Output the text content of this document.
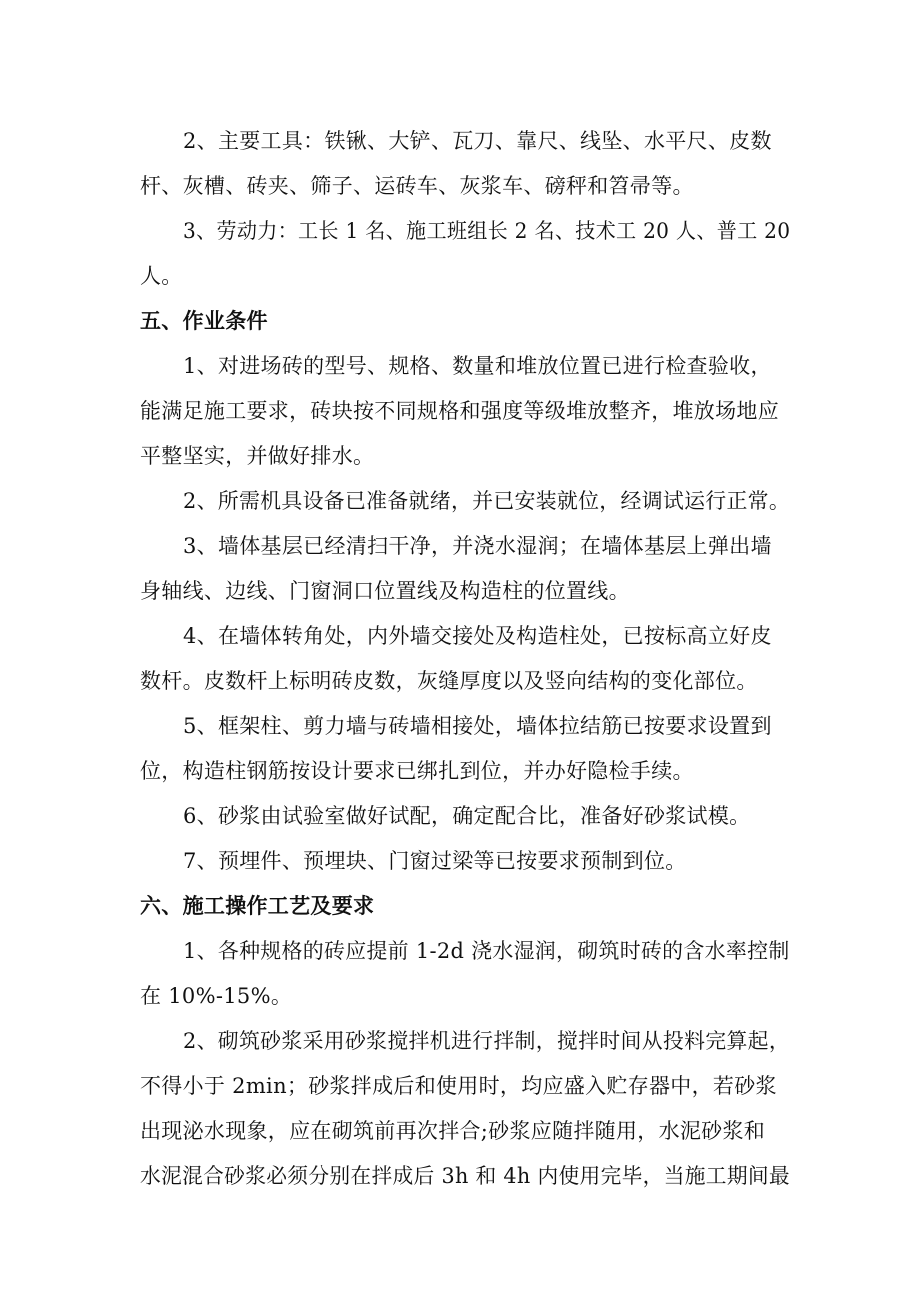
2、主要工具：铁锹、大铲、瓦刀、靠尺、线坠、水平尺、皮数
杆、灰槽、砖夹、筛子、运砖车、灰浆车、磅秤和笤帚等。
3、劳动力：工长 1 名、施工班组长 2 名、技术工 20 人、普工 20
人。
五、作业条件
1、对进场砖的型号、规格、数量和堆放位置已进行检查验收，
能满足施工要求，砖块按不同规格和强度等级堆放整齐，堆放场地应
平整坚实，并做好排水。
2、所需机具设备已准备就绪，并已安装就位，经调试运行正常。
3、墙体基层已经清扫干净，并浇水湿润；在墙体基层上弹出墙
身轴线、边线、门窗洞口位置线及构造柱的位置线。
4、在墙体转角处，内外墙交接处及构造柱处，已按标高立好皮
数杆。皮数杆上标明砖皮数，灰缝厚度以及竖向结构的变化部位。
5、框架柱、剪力墙与砖墙相接处，墙体拉结筋已按要求设置到
位，构造柱钢筋按设计要求已绑扎到位，并办好隐检手续。
6、砂浆由试验室做好试配，确定配合比，准备好砂浆试模。
7、预埋件、预埋块、门窗过梁等已按要求预制到位。
六、施工操作工艺及要求
1、各种规格的砖应提前 1-2d 浇水湿润，砌筑时砖的含水率控制
在 10%-15%。
2、砌筑砂浆采用砂浆搅拌机进行拌制，搅拌时间从投料完算起，
不得小于 2min；砂浆拌成后和使用时，均应盛入贮存器中，若砂浆
出现泌水现象，应在砌筑前再次拌合;砂浆应随拌随用，水泥砂浆和
水泥混合砂浆必须分别在拌成后 3h 和 4h 内使用完毕，当施工期间最
